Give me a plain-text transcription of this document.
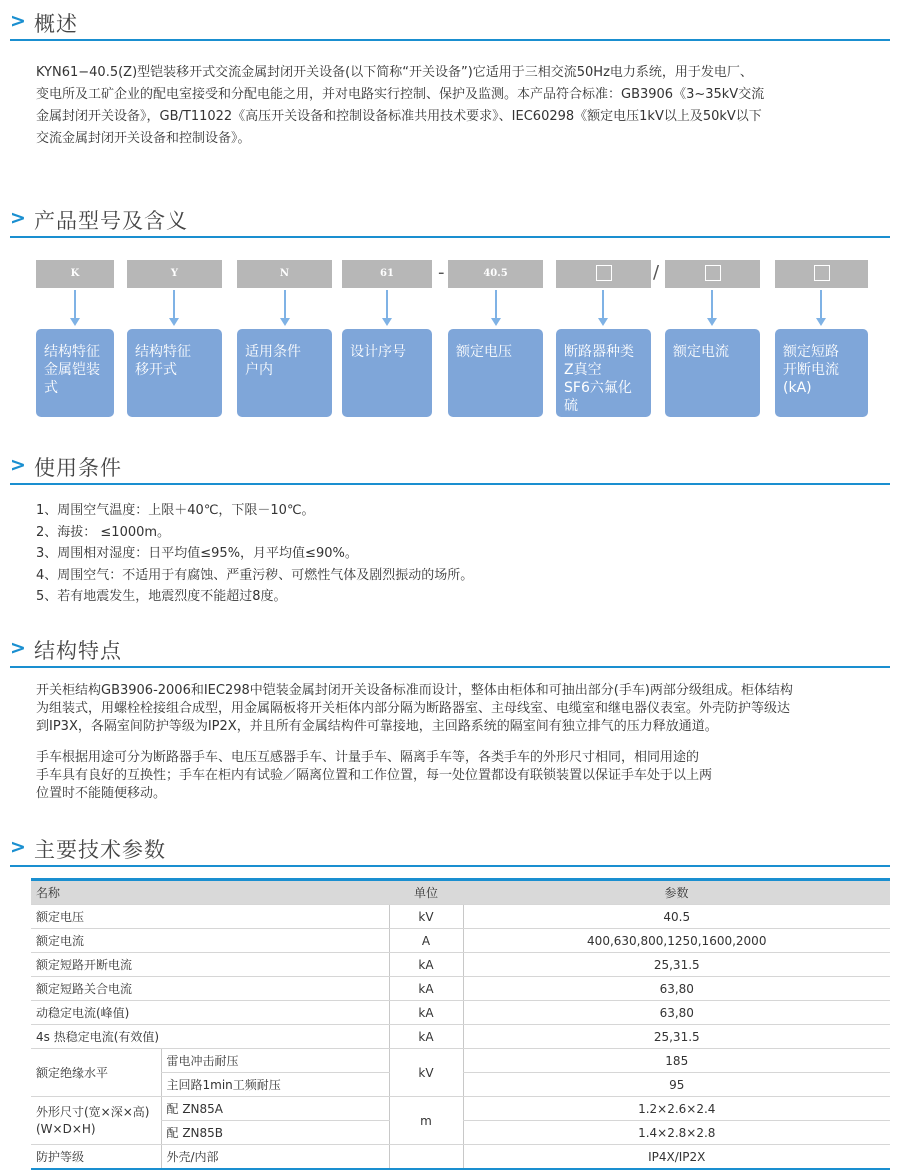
> 概述
KYN61−40.5(Z)型铠装移开式交流金属封闭开关设备(以下简称“开关设备”)它适用于三相交流50Hz电力系统，用于发电厂、
变电所及工矿企业的配电室接受和分配电能之用，并对电路实行控制、保护及监测。本产品符合标准：GB3906《3~35kV交流
金属封闭开关设备》，GB/T11022《高压开关设备和控制设备标准共用技术要求》、IEC60298《额定电压1kV以上及50kV以下
交流金属封闭开关设备和控制设备》。
> 产品型号及含义
K	Y	N	61	-	40.5	/
结构特征
金属铠装
式
结构特征
移开式
适用条件
户内
设计序号	额定电压	断路器种类
Z真空
SF6六氟化
硫
额定电流	额定短路
开断电流
(kA)
> 使用条件
1、周围空气温度：上限＋40℃，下限－10℃。
2、海拔： ≤1000m。
3、周围相对湿度：日平均值≤95%，月平均值≤90%。
4、周围空气：不适用于有腐蚀、严重污秽、可燃性气体及剧烈振动的场所。
5、若有地震发生，地震烈度不能超过8度。
> 结构特点
开关柜结构GB3906-2006和IEC298中铠装金属封闭开关设备标准而设计，整体由柜体和可抽出部分(手车)两部分级组成。柜体结构
为组装式，用螺栓栓接组合成型，用金属隔板将开关柜体内部分隔为断路器室、主母线室、电缆室和继电器仪表室。外壳防护等级达
到IP3X，各隔室间防护等级为IP2X，并且所有金属结构件可靠接地，主回路系统的隔室间有独立排气的压力释放通道。
手车根据用途可分为断路器手车、电压互感器手车、计量手车、隔离手车等，各类手车的外形尺寸相同，相同用途的
手车具有良好的互换性；手车在柜内有试验／隔离位置和工作位置，每一处位置都设有联锁装置以保证手车处于以上两
位置时不能随便移动。
> 主要技术参数
名称		单位	参数
额定电压		kV	40.5
额定电流		A	400,630,800,1250,1600,2000
额定短路开断电流		kA	25,31.5
额定短路关合电流		kA	63,80
动稳定电流(峰值)		kA	63,80
4s 热稳定电流(有效值)		kA	25,31.5
额定绝缘水平	雷电冲击耐压	kV	185
	主回路1min工频耐压		95

外形尺寸(宽×深×高)
(W×D×H)	配 ZN85A	m	1.2×2.6×2.4
	配 ZN85B		1.4×2.8×2.8
防护等级	外壳/内部		IP4X/IP2X
